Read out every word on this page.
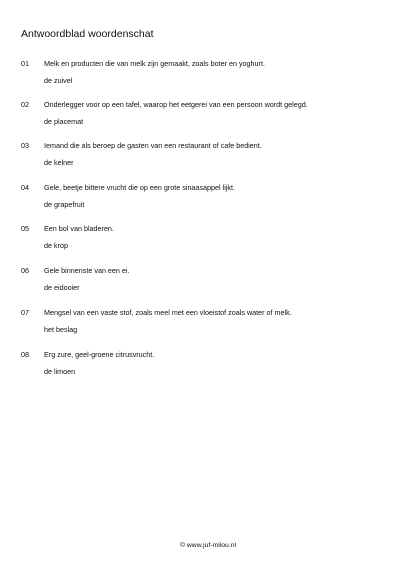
Antwoordblad woordenschat
01 Melk en producten die van melk zijn gemaakt, zoals boter en yoghurt.
de zuivel
02 Onderlegger voor op een tafel, waarop het eetgerei van een persoon wordt gelegd.
de placemat
03 Iemand die als beroep de gasten van een restaurant of cafe bedient.
de kelner
04 Gele, beetje bittere vrucht die op een grote sinaasappel lijkt.
de grapefruit
05 Een bol van bladeren.
de krop
06 Gele binnenste van een ei.
de eidooier
07 Mengsel van een vaste stof, zoals meel met een vloeistof zoals water of melk.
het beslag
08 Erg zure, geel-groene citrusvrucht.
de limoen
© www.juf-milou.nl
